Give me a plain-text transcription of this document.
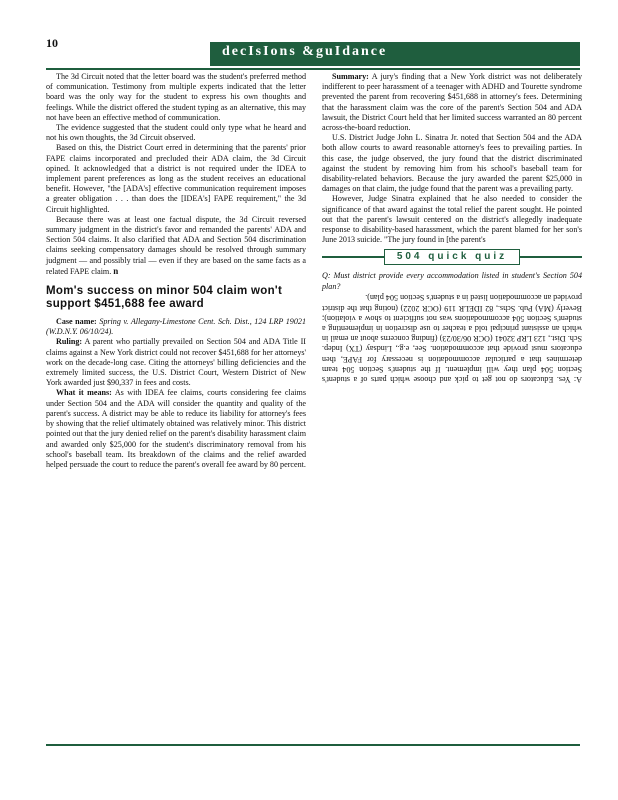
10
decIsIons &guIdance

The 3d Circuit noted that the letter board was the student's preferred method of communication. Testimony from multiple experts indicated that the letter board was the only way for the student to express his own thoughts and feelings. While the district offered the student typing as an alternative, this may not have been an effective method of communication.

The evidence suggested that the student could only type what he heard and not his own thoughts, the 3d Circuit observed.

Based on this, the District Court erred in determining that the parents' prior FAPE claims incorporated and precluded their ADA claim, the 3d Circuit opined. It acknowledged that a district is not required under the IDEA to implement parent preferences as long as the student receives an educational benefit. However, "the [ADA's] effective communication requirement imposes a greater obligation . . . than does the [IDEA's] FAPE requirement," the 3d Circuit highlighted.

Because there was at least one factual dispute, the 3d Circuit reversed summary judgment in the district's favor and remanded the parents' ADA and Section 504 claims. It also clarified that ADA and Section 504 discrimination claims seeking compensatory damages should be resolved through summary judgment — and possibly trial — even if they are based on the same facts as a related FAPE claim. n

Mom's success on minor 504 claim won't support $451,688 fee award

Case name: Spring v. Allegany-Limestone Cent. Sch. Dist., 124 LRP 19021 (W.D.N.Y. 06/10/24).

Ruling: A parent who partially prevailed on Section 504 and ADA Title II claims against a New York district could not recover $451,688 for her attorneys' work on the decade-long case. Citing the attorneys' billing deficiencies and the extremely limited success, the U.S. District Court, Western District of New York awarded just $90,337 in fees and costs.

What it means: As with IDEA fee claims, courts considering fee claims under Section 504 and the ADA will consider the quantity and quality of the parent's success. A district may be able to reduce its liability for attorney's fees by showing that the relief ultimately obtained was relatively minor. This district pointed out that the jury denied relief on the parent's disability harassment claim and awarded only $25,000 for the student's discriminatory removal from his school's baseball team. Its breakdown of the claims and the relief awarded helped persuade the court to reduce the parent's overall fee award by 80 percent.

Summary: A jury's finding that a New York district was not deliberately indifferent to peer harassment of a teenager with ADHD and Tourette syndrome prevented the parent from recovering $451,688 in attorney's fees. Determining that the harassment claim was the core of the parent's Section 504 and ADA lawsuit, the District Court held that her limited success warranted an 80 percent across-the-board reduction.

U.S. District Judge John L. Sinatra Jr. noted that Section 504 and the ADA both allow courts to award reasonable attorney's fees to prevailing parties. In this case, the judge observed, the jury found that the district discriminated against the student by removing him from his school's baseball team for disability-related behaviors. Because the jury awarded the parent $25,000 in damages on that claim, the judge found that the parent was a prevailing party.

However, Judge Sinatra explained that he also needed to consider the significance of that award against the total relief the parent sought. He pointed out that the parent's lawsuit centered on the district's allegedly inadequate response to disability-based harassment, which the parent blamed for her son's June 2013 suicide. "The jury found in [the parent's

504 quick quiz

Q: Must district provide every accommodation listed in student's Section 504 plan?

A: Yes. Educators do not get to pick and choose which parts of a student's Section 504 plan they will implement. If the student's Section 504 team determines that a particular accommodation is necessary for FAPE, then educators must provide that accommodation. See, e.g., Lindsay (TX) Indep. Sch. Dist., 123 LRP 32041 (OCR 06/30/23) (finding concerns about an email in which an assistant principal told a teacher to use discretion in implementing a student's Section 504 accommodations was not sufficient to show a violation); Beverly (MA) Pub. Schs., 82 IDELR 119 (OCR 2022) (noting that the district provided an accommodation listed in a student's Section 504 plan).
